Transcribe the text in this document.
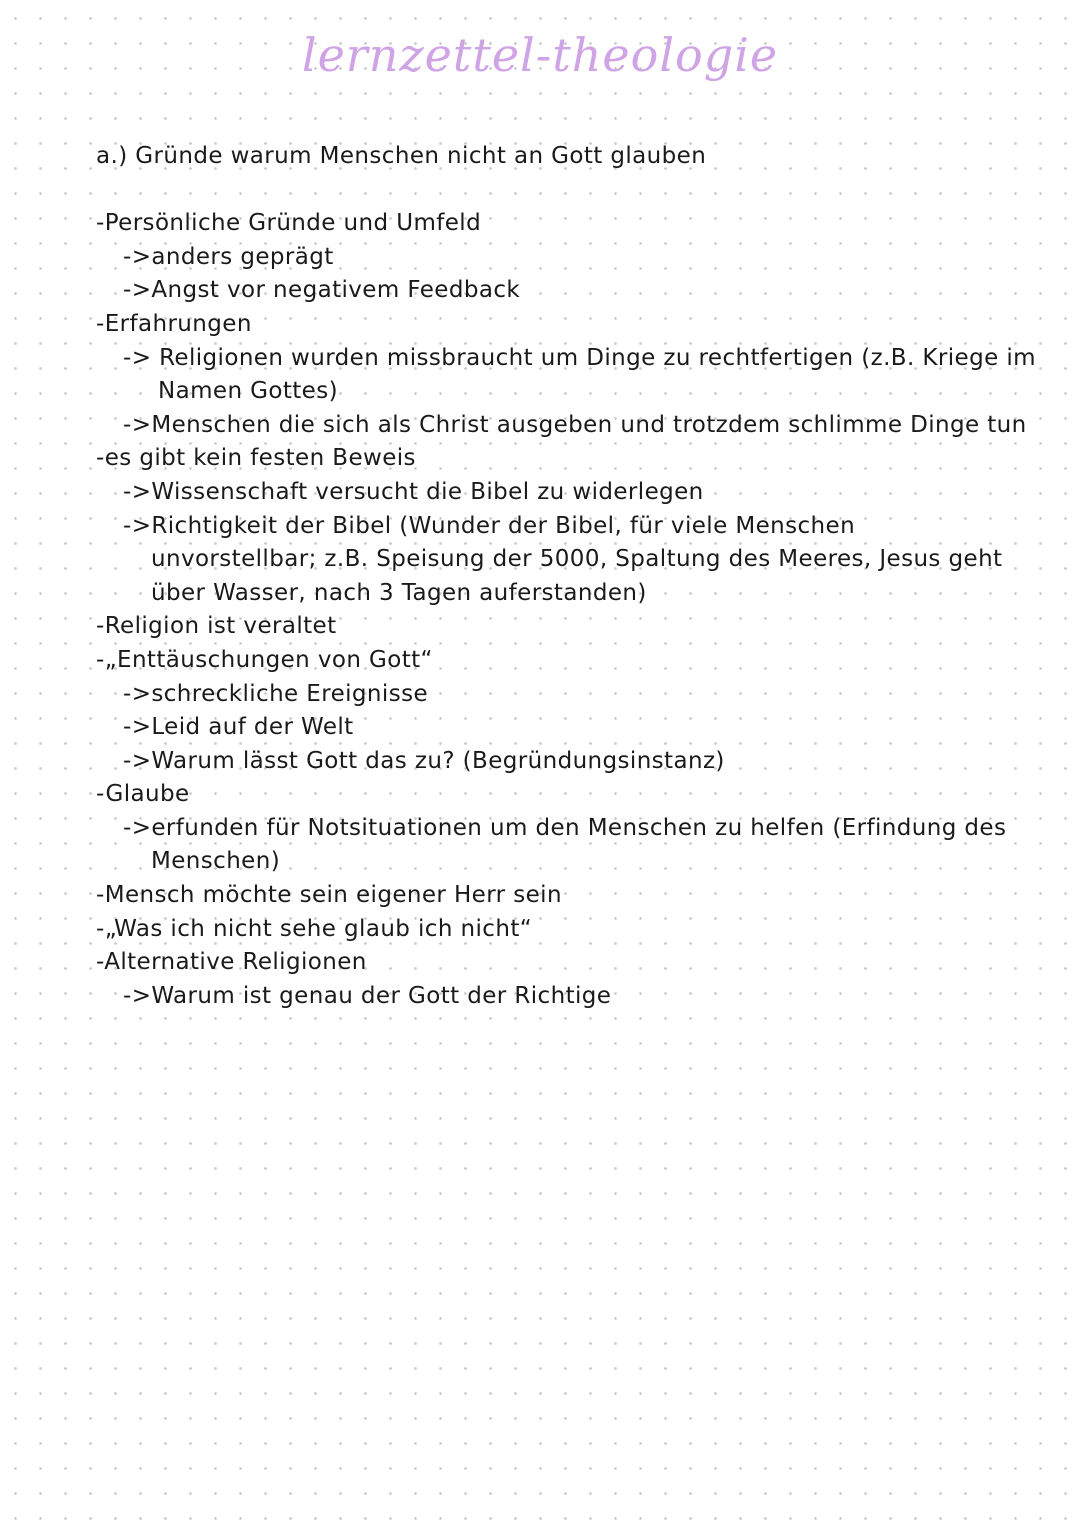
lernzettel-theologie
a.) Gründe warum Menschen nicht an Gott glauben
-Persönliche Gründe und Umfeld
->anders geprägt
->Angst vor negativem Feedback
-Erfahrungen
-> Religionen wurden missbraucht um Dinge zu rechtfertigen (z.B. Kriege im
Namen Gottes)
->Menschen die sich als Christ ausgeben und trotzdem schlimme Dinge tun
-es gibt kein festen Beweis
->Wissenschaft versucht die Bibel zu widerlegen
->Richtigkeit der Bibel (Wunder der Bibel, für viele Menschen
unvorstellbar; z.B. Speisung der 5000, Spaltung des Meeres, Jesus geht
über Wasser, nach 3 Tagen auferstanden)
-Religion ist veraltet
-„Enttäuschungen von Gott“
->schreckliche Ereignisse
->Leid auf der Welt
->Warum lässt Gott das zu? (Begründungsinstanz)
-Glaube
->erfunden für Notsituationen um den Menschen zu helfen (Erfindung des
Menschen)
-Mensch möchte sein eigener Herr sein
-„Was ich nicht sehe glaub ich nicht“
-Alternative Religionen
->Warum ist genau der Gott der Richtige
